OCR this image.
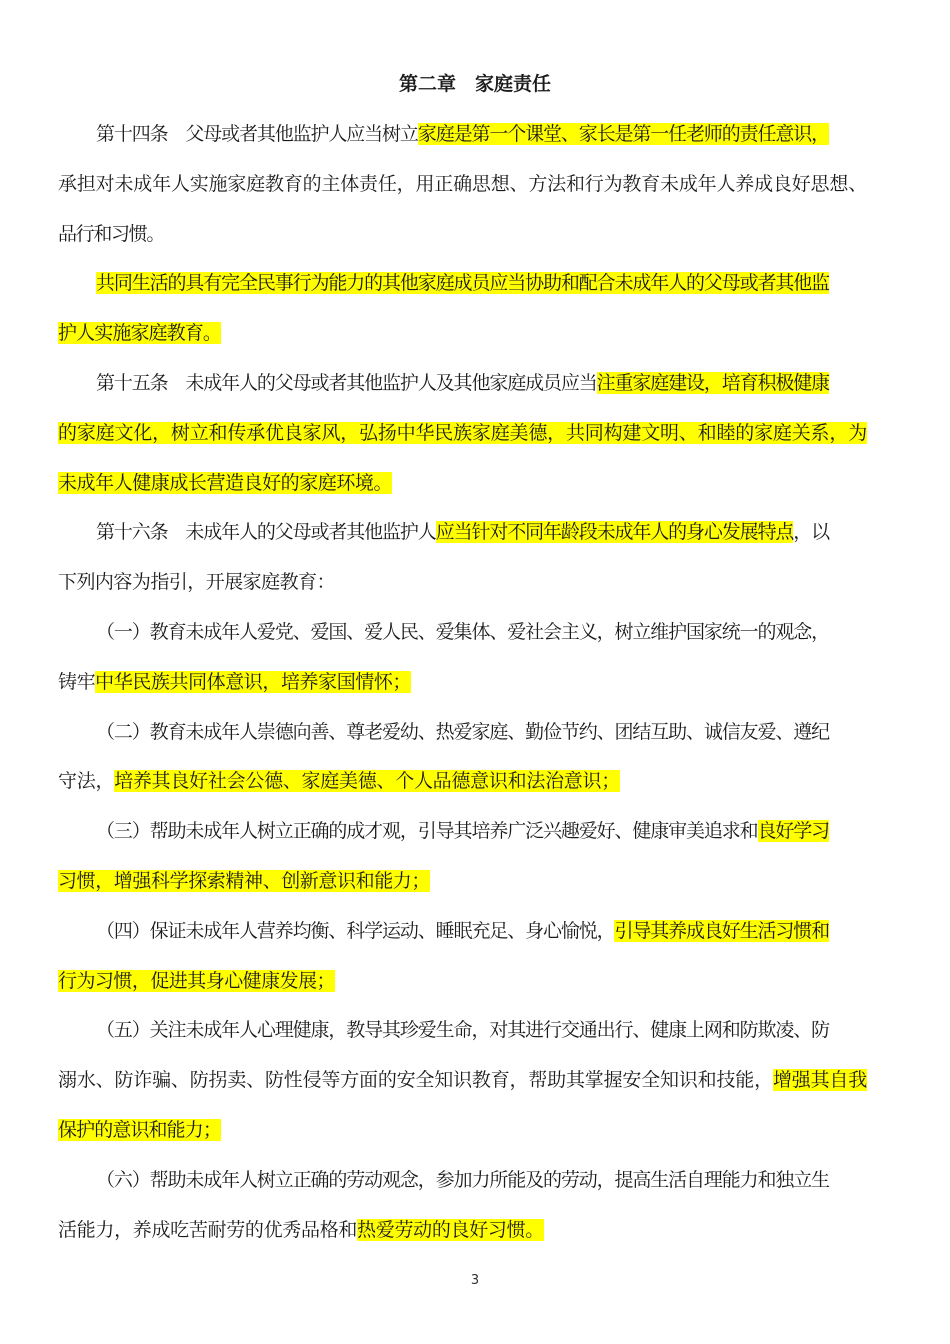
第二章　家庭责任
第十四条　父母或者其他监护人应当树立家庭是第一个课堂、家长是第一任老师的责任意识，
承担对未成年人实施家庭教育的主体责任，用正确思想、方法和行为教育未成年人养成良好思想、
品行和习惯。
共同生活的具有完全民事行为能力的其他家庭成员应当协助和配合未成年人的父母或者其他监
护人实施家庭教育。
第十五条　未成年人的父母或者其他监护人及其他家庭成员应当注重家庭建设，培育积极健康
的家庭文化，树立和传承优良家风，弘扬中华民族家庭美德，共同构建文明、和睦的家庭关系，为
未成年人健康成长营造良好的家庭环境。
第十六条　未成年人的父母或者其他监护人应当针对不同年龄段未成年人的身心发展特点，以
下列内容为指引，开展家庭教育：
（一）教育未成年人爱党、爱国、爱人民、爱集体、爱社会主义，树立维护国家统一的观念，
铸牢中华民族共同体意识，培养家国情怀；
（二）教育未成年人崇德向善、尊老爱幼、热爱家庭、勤俭节约、团结互助、诚信友爱、遵纪
守法，培养其良好社会公德、家庭美德、个人品德意识和法治意识；
（三）帮助未成年人树立正确的成才观，引导其培养广泛兴趣爱好、健康审美追求和良好学习
习惯，增强科学探索精神、创新意识和能力；
（四）保证未成年人营养均衡、科学运动、睡眠充足、身心愉悦，引导其养成良好生活习惯和
行为习惯，促进其身心健康发展；
（五）关注未成年人心理健康，教导其珍爱生命，对其进行交通出行、健康上网和防欺凌、防
溺水、防诈骗、防拐卖、防性侵等方面的安全知识教育，帮助其掌握安全知识和技能，增强其自我
保护的意识和能力；
（六）帮助未成年人树立正确的劳动观念，参加力所能及的劳动，提高生活自理能力和独立生
活能力，养成吃苦耐劳的优秀品格和热爱劳动的良好习惯。
3
